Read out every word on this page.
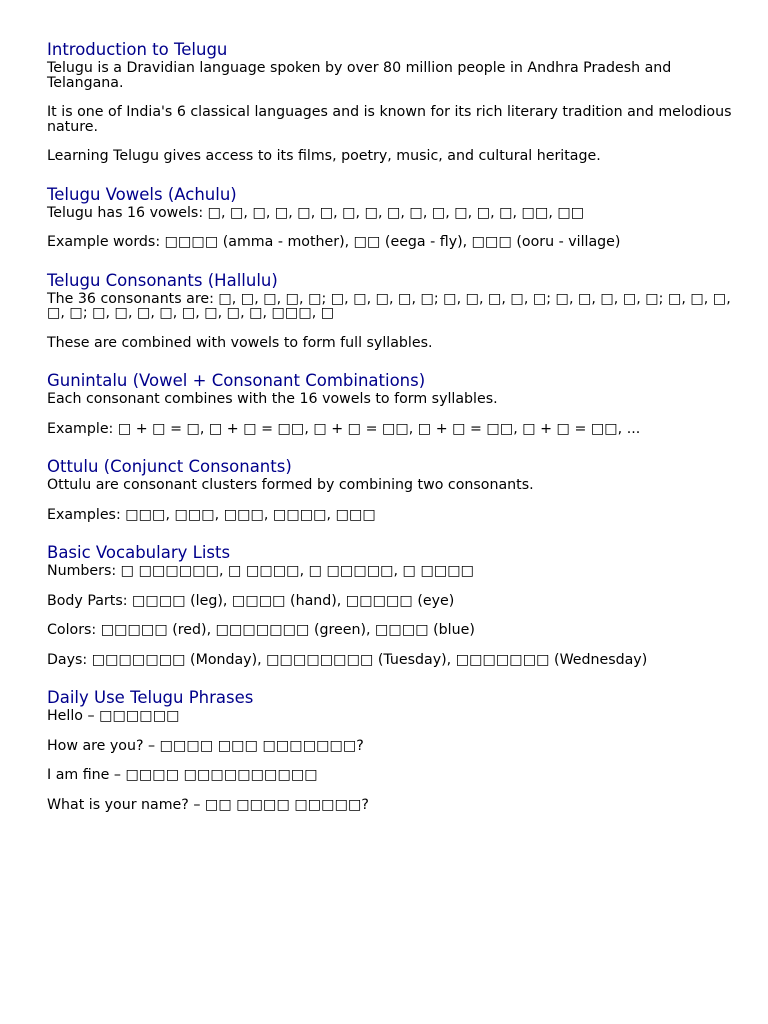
Introduction to Telugu

Telugu is a Dravidian language spoken by over 80 million people in Andhra Pradesh and Telangana.

It is one of India's 6 classical languages and is known for its rich literary tradition and melodious nature.

Learning Telugu gives access to its films, poetry, music, and cultural heritage.

Telugu Vowels (Achulu)

Telugu has 16 vowels: □, □, □, □, □, □, □, □, □, □, □, □, □, □, □□, □□

Example words: □□□□ (amma - mother), □□ (eega - fly), □□□ (ooru - village)

Telugu Consonants (Hallulu)

The 36 consonants are: □, □, □, □, □; □, □, □, □, □; □, □, □, □, □; □, □, □, □, □; □, □, □, □, □; □, □, □, □, □, □, □, □, □□□, □

These are combined with vowels to form full syllables.

Gunintalu (Vowel + Consonant Combinations)

Each consonant combines with the 16 vowels to form syllables.

Example: □ + □ = □, □ + □ = □□, □ + □ = □□, □ + □ = □□, □ + □ = □□, ...

Ottulu (Conjunct Consonants)

Ottulu are consonant clusters formed by combining two consonants.

Examples: □□□, □□□, □□□, □□□□, □□□

Basic Vocabulary Lists

Numbers: □ □□□□□□, □ □□□□, □ □□□□□, □ □□□□

Body Parts: □□□□ (leg), □□□□ (hand), □□□□□ (eye)

Colors: □□□□□ (red), □□□□□□□ (green), □□□□ (blue)

Days: □□□□□□□ (Monday), □□□□□□□□ (Tuesday), □□□□□□□ (Wednesday)

Daily Use Telugu Phrases

Hello – □□□□□□

How are you? – □□□□ □□□ □□□□□□□?

I am fine – □□□□ □□□□□□□□□□

What is your name? – □□ □□□□ □□□□□?
